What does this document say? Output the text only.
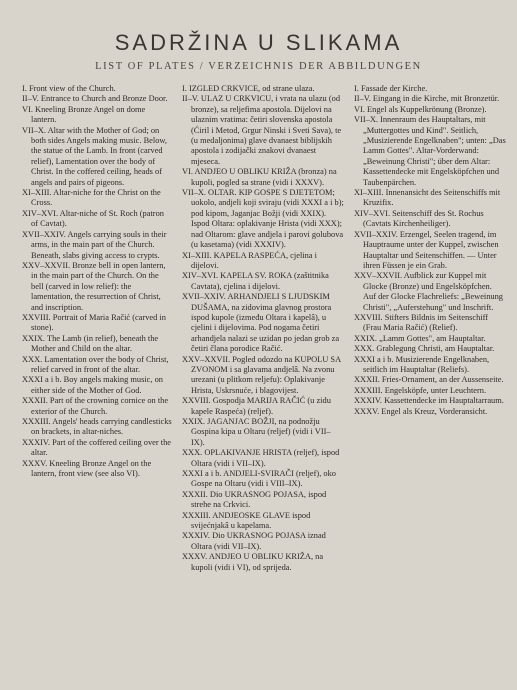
SADRŽINA U SLIKAMA
LIST OF PLATES / VERZEICHNIS DER ABBILDUNGEN
I. Front view of the Church.
II–V. Entrance to Church and Bronze Door.
VI. Kneeling Bronze Angel on dome lantern.
VII–X. Altar with the Mother of God; on both sides Angels making music. Below, the statue of the Lamb. In front (carved relief), Lamentation over the body of Christ. In the coffered ceiling, heads of angels and pairs of pigeons.
XI–XIII. Altar-niche for the Christ on the Cross.
XIV–XVI. Altar-niche of St. Roch (patron of Cavtat).
XVII–XXIV. Angels carrying souls in their arms, in the main part of the Church. Beneath, slabs giving access to crypts.
XXV–XXVII. Bronze bell in open lantern, in the main part of the Church. On the bell (carved in low relief): the lamentation, the resurrection of Christ, and inscription.
XXVIII. Portrait of Maria Račić (carved in stone).
XXIX. The Lamb (in relief), beneath the Mother and Child on the altar.
XXX. Lamentation over the body of Christ, relief carved in front of the altar.
XXXI a i b. Boy angels making music, on either side of the Mother of God.
XXXII. Part of the crowning cornice on the exterior of the Church.
XXXIII. Angels' heads carrying candlesticks on brackets, in altar-niches.
XXXIV. Part of the coffered ceiling over the altar.
XXXV. Kneeling Bronze Angel on the lantern, front view (see also VI).
I. IZGLED CRKVICE, od strane ulaza.
II–V. ULAZ U CRKVICU, i vrata na ulazu (od bronze), sa reljefima apostola. Dijelovi na ulaznim vratima: četiri slovenska apostola (Ćiril i Metod, Grgur Ninski i Sveti Sava), te (u medaljonima) glave dvanaest biblijskih apostola i zodijački znakovi dvanaest mjeseca.
VI. ANDJEO U OBLIKU KRIŽA (bronza) na kupoli, pogled sa strane (vidi i XXXV).
VII–X. OLTAR. KIP GOSPE S DJETETOM; uokolo, andjeli koji sviraju (vidi XXXI a i b); pod kipom, Jaganjac Božji (vidi XXIX). Ispod Oltara: oplakivanje Hrista (vidi XXX); nad Oltarom: glave andjela i parovi golubova (u kasetama) (vidi XXXIV).
XI–XIII. KAPELA RASPEĆA, cjelina i dijelovi.
XIV–XVI. KAPELA SV. ROKA (zaštitnika Cavtata), cjelina i dijelovi.
XVII–XXIV. ARHANDJELI S LJUDSKIM DUŠAMA, na zidovima glavnog prostora ispod kupole (između Oltara i kapelâ), u cjelini i dijelovima. Pod nogama četiri arhandjela nalazi se uzidan po jedan grob za četiri člana porodice Račić.
XXV–XXVII. Pogled odozdo na KUPOLU SA ZVONOM i sa glavama andjelâ. Na zvonu urezani (u plitkom reljefu): Oplakivanje Hrista, Uskrsnuće, i blagovijest.
XXVIII. Gospodja MARIJA RAČIĆ (u zidu kapele Raspeća) (reljef).
XXIX. JAGANJAC BOŽJI, na podnožju Gospina kipa u Oltaru (reljef) (vidi i VII–IX).
XXX. OPLAKIVANJE HRISTA (reljef), ispod Oltara (vidi i VII–IX).
XXXI a i b. ANDJELI-SVIRAČI (reljef), oko Gospe na Oltaru (vidi i VIII–IX).
XXXII. Dio UKRASNOG POJASA, ispod strehe na Crkvici.
XXXIII. ANDJEOSKE GLAVE ispod svijećnjakâ u kapelama.
XXXIV. Dio UKRASNOG POJASA iznad Oltara (vidi VII–IX).
XXXV. ANDJEO U OBLIKU KRIŽA, na kupoli (vidi i VI), od sprijeda.
I. Fassade der Kirche.
II–V. Eingang in die Kirche, mit Bronzetür.
VI. Engel als Kuppelkrönung (Bronze).
VII–X. Innenraum des Hauptaltars, mit „Muttergottes und Kind". Seitlich, „Musizierende Engelknaben"; unten: „Das Lamm Gottes". Altar-Vorderwand: „Beweinung Christi"; über dem Altar: Kassettendecke mit Engelsköpfchen und Taubenpärchen.
XI–XIII. Innenansicht des Seitenschiffs mit Kruzifix.
XIV–XVI. Seitenschiff des St. Rochus (Cavtats Kirchenheiliger).
XVII–XXIV. Erzengel, Seelen tragend, im Hauptraume unter der Kuppel, zwischen Hauptaltar und Seitenschiffen. — Unter ihren Füssen je ein Grab.
XXV–XXVII. Aufblick zur Kuppel mit Glocke (Bronze) und Engelsköpfchen. Auf der Glocke Flachreliefs: „Beweinung Christi", „Auferstehung" und Inschrift.
XXVIII. Stifters Bildnis im Seitenschiff (Frau Maria Račić) (Relief).
XXIX. „Lamm Gottes", am Hauptaltar.
XXX. Grablegung Christi, am Hauptaltar.
XXXI a i b. Musizierende Engelknaben, seitlich im Hauptaltar (Reliefs).
XXXII. Fries-Ornament, an der Aussenseite.
XXXIII. Engelsköpfe, unter Leuchtern.
XXXIV. Kassettendecke im Hauptaltarraum.
XXXV. Engel als Kreuz, Vorderansicht.
